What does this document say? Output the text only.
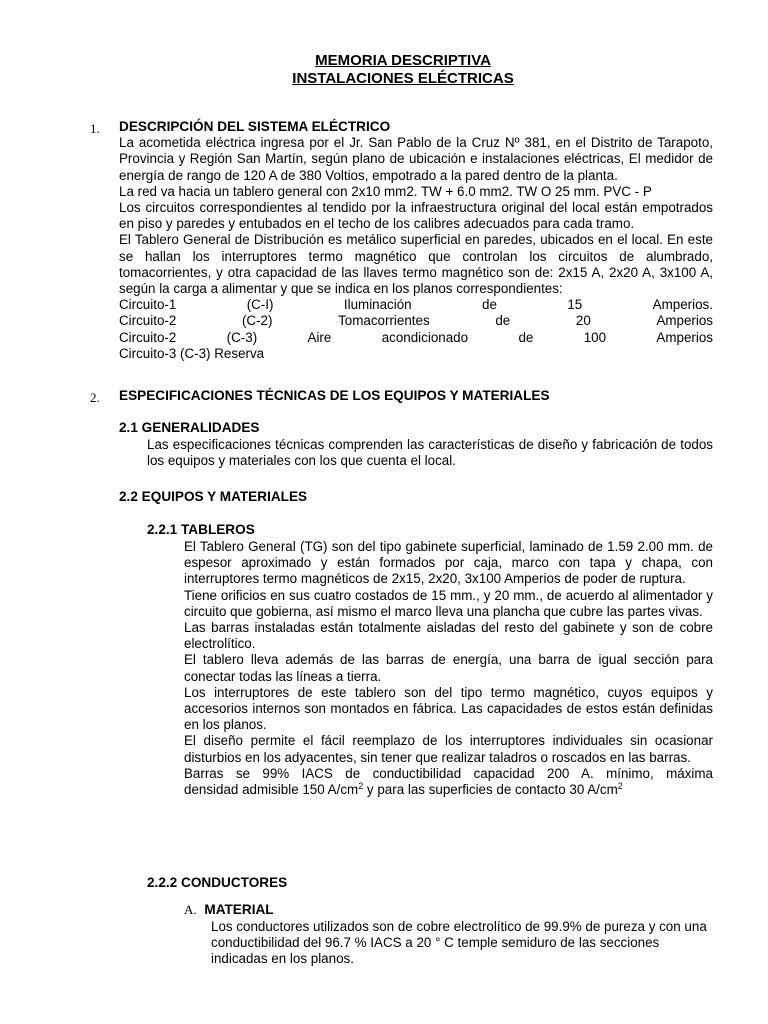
MEMORIA DESCRIPTIVA
INSTALACIONES ELÉCTRICAS
1. DESCRIPCIÓN DEL SISTEMA ELÉCTRICO

La acometida eléctrica ingresa por el Jr. San Pablo de la Cruz Nº 381, en el Distrito de Tarapoto, Provincia y Región San Martín, según plano de ubicación e instalaciones eléctricas, El medidor de energía de rango de 120 A de 380 Voltios, empotrado a la pared dentro de la planta.

La red va hacia un tablero general con 2x10 mm2. TW + 6.0 mm2. TW O 25 mm. PVC - P

Los circuitos correspondientes al tendido por la infraestructura original del local están empotrados en piso y paredes y entubados en el techo de los calibres adecuados para cada tramo.

El Tablero General de Distribución es metálico superficial en paredes, ubicados en el local. En este se hallan los interruptores termo magnético que controlan los circuitos de alumbrado, tomacorrientes, y otra capacidad de las llaves termo magnético son de: 2x15 A, 2x20 A, 3x100 A, según la carga a alimentar y que se indica en los planos correspondientes:

Circuito-1	(C-I)	Iluminación	de	15	Amperios.
Circuito-2	(C-2)	Tomacorrientes	de	20	Amperios
Circuito-2	(C-3)	Aire	acondicionado	de	100	Amperios
Circuito-3 (C-3) Reserva
2. ESPECIFICACIONES TÉCNICAS DE LOS EQUIPOS Y MATERIALES
2.1 GENERALIDADES

Las especificaciones técnicas comprenden las características de diseño y fabricación de todos los equipos y materiales con los que cuenta el local.

2.2 EQUIPOS Y MATERIALES
2.2.1 TABLEROS

El Tablero General (TG) son del tipo gabinete superficial, laminado de 1.59 2.00 mm. de espesor aproximado y están formados por caja, marco con tapa y chapa, con interruptores termo magnéticos de 2x15, 2x20, 3x100 Amperios de poder de ruptura.

Tiene orificios en sus cuatro costados de 15 mm., y 20 mm., de acuerdo al alimentador y circuito que gobierna, así mismo el marco lleva una plancha que cubre las partes vivas.

Las barras instaladas están totalmente aisladas del resto del gabinete y son de cobre electrolítico.

El tablero lleva además de las barras de energía, una barra de igual sección para conectar todas las líneas a tierra.

Los interruptores de este tablero son del tipo termo magnético, cuyos equipos y accesorios internos son montados en fábrica. Las capacidades de estos están definidas en los planos.

El diseño permite el fácil reemplazo de los interruptores individuales sin ocasionar disturbios en los adyacentes, sin tener que realizar taladros o roscados en las barras.

Barras se 99% IACS de conductibilidad capacidad 200 A. mínimo, máxima

densidad admisible 150 $A/cm^2$ y para las superficies de contacto 30 $A/cm^2$

2.2.2 CONDUCTORES
A. MATERIAL

Los conductores utilizados son de cobre electrolítico de 99.9% de pureza y con una conductibilidad del 96.7 % IACS a 20 ° C temple semiduro de las secciones indicadas en los planos.
